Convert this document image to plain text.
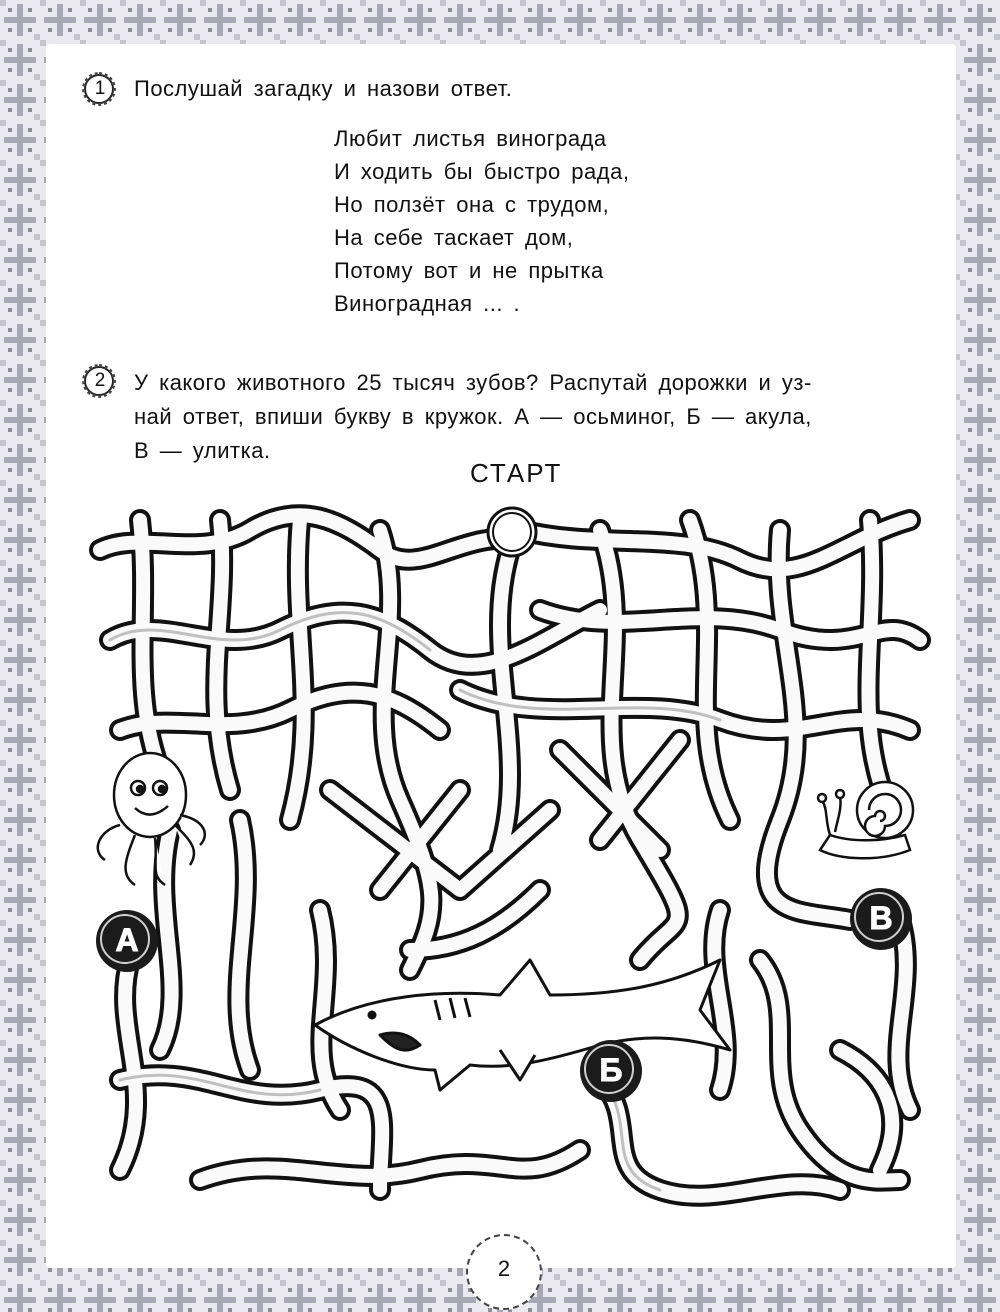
1	Послушай загадку и назови ответ.
Любит листья винограда
И ходить бы быстро рада,
Но ползёт она с трудом,
На себе таскает дом,
Потому вот и не прытка
Виноградная ... .
2	У какого животного 25 тысяч зубов? Распутай дорожки и уз-
най ответ, впиши букву в кружок. А — осьминог, Б — акула,
В — улитка.
СТАРТ
А
Б
В
2
